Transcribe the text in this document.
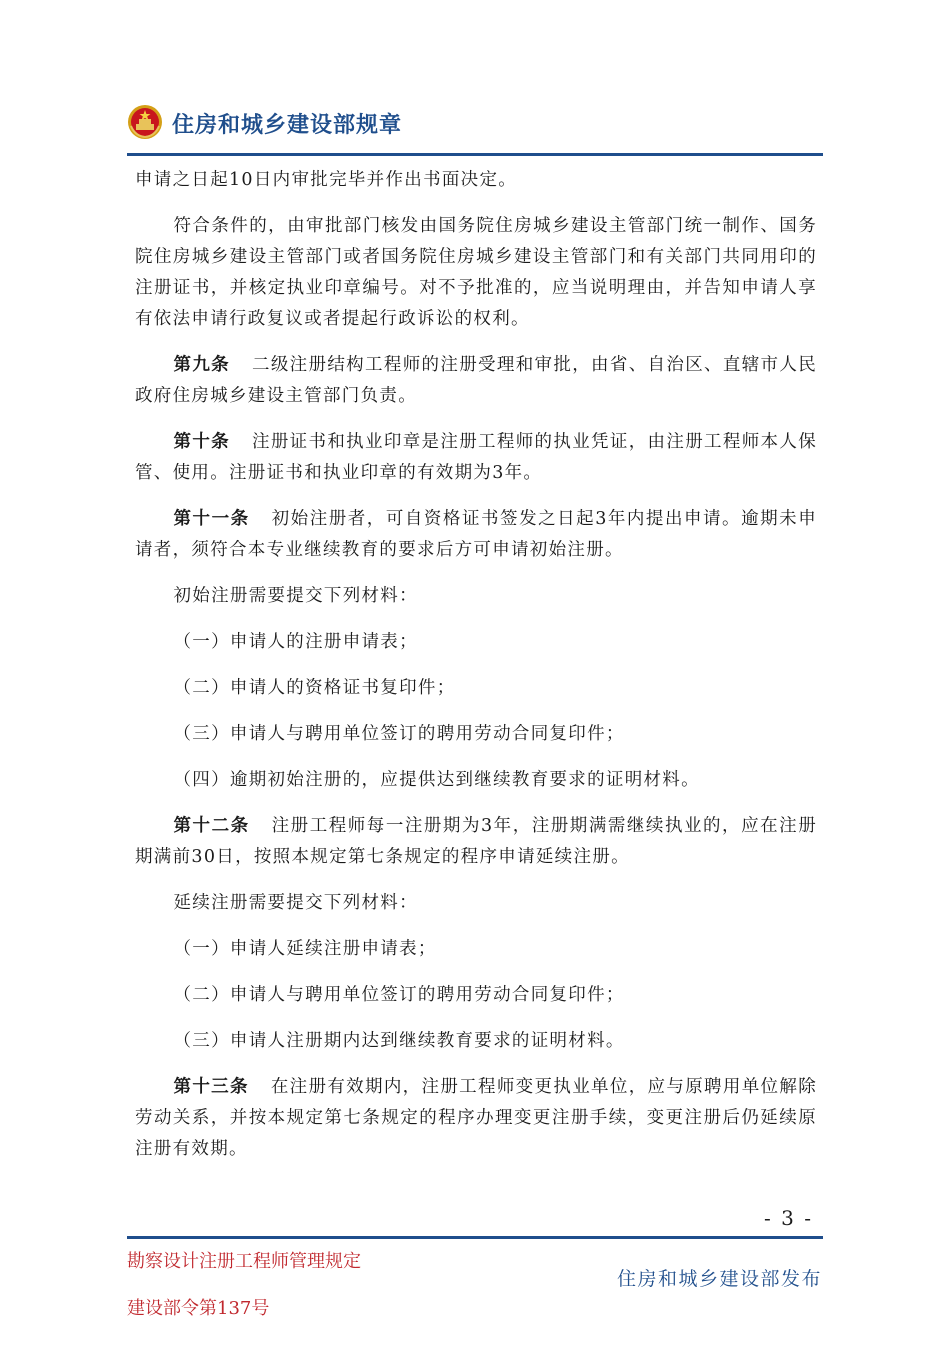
住房和城乡建设部规章

申请之日起10日内审批完毕并作出书面决定。

符合条件的，由审批部门核发由国务院住房城乡建设主管部门统一制作、国务院住房城乡建设主管部门或者国务院住房城乡建设主管部门和有关部门共同用印的注册证书，并核定执业印章编号。对不予批准的，应当说明理由，并告知申请人享有依法申请行政复议或者提起行政诉讼的权利。

第九条 二级注册结构工程师的注册受理和审批，由省、自治区、直辖市人民政府住房城乡建设主管部门负责。

第十条 注册证书和执业印章是注册工程师的执业凭证，由注册工程师本人保管、使用。注册证书和执业印章的有效期为3年。

第十一条 初始注册者，可自资格证书签发之日起3年内提出申请。逾期未申请者，须符合本专业继续教育的要求后方可申请初始注册。

初始注册需要提交下列材料：

（一）申请人的注册申请表；

（二）申请人的资格证书复印件；

（三）申请人与聘用单位签订的聘用劳动合同复印件；

（四）逾期初始注册的，应提供达到继续教育要求的证明材料。

第十二条 注册工程师每一注册期为3年，注册期满需继续执业的，应在注册期满前30日，按照本规定第七条规定的程序申请延续注册。

延续注册需要提交下列材料：

（一）申请人延续注册申请表；

（二）申请人与聘用单位签订的聘用劳动合同复印件；

（三）申请人注册期内达到继续教育要求的证明材料。

第十三条 在注册有效期内，注册工程师变更执业单位，应与原聘用单位解除劳动关系，并按本规定第七条规定的程序办理变更注册手续，变更注册后仍延续原注册有效期。

- 3 -
勘察设计注册工程师管理规定
建设部令第137号
住房和城乡建设部发布
